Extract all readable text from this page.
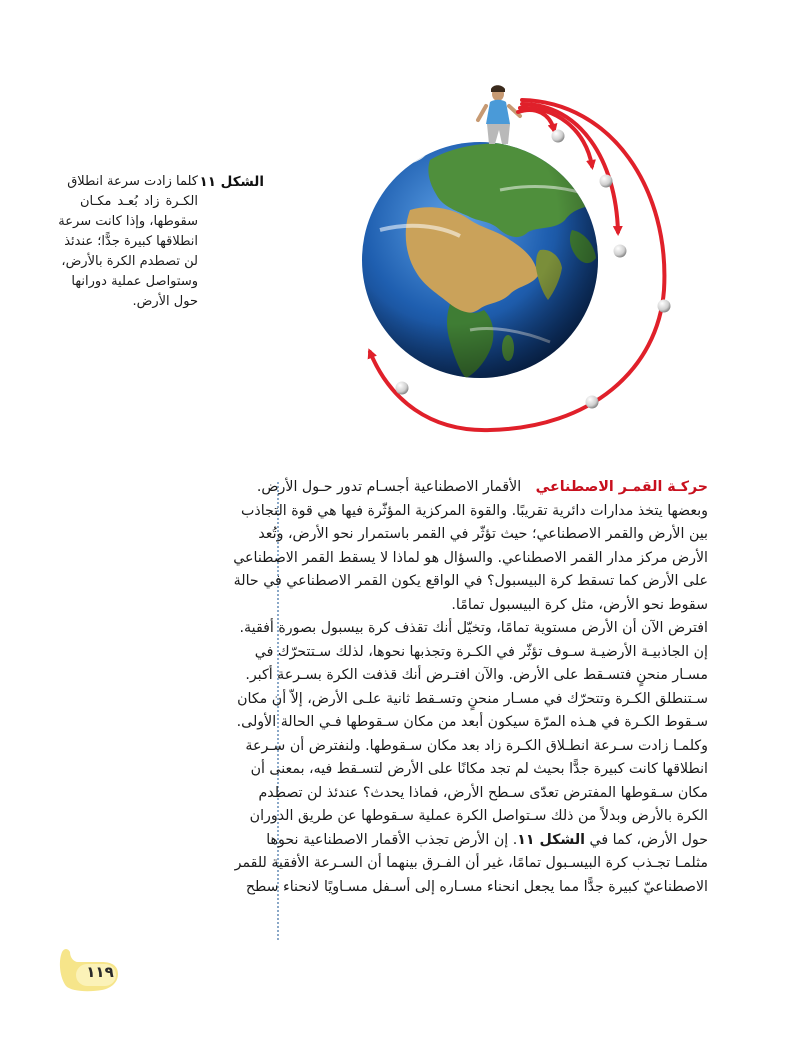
الشكل ١١
كلما زادت سرعة انطلاق
الكـرة زاد بُعـد مكـان
سقوطها، وإذا كانت سرعة
انطلاقها كبيرة جدًّا؛ عندئذ
لن تصطدم الكرة بالأرض،
وستواصل عملية دورانها
حول الأرض.
حركـة القمـر الاصطناعي الأقمار الاصطناعية أجسـام تدور حـول الأرض.
وبعضها يتخذ مدارات دائرية تقريبًا. والقوة المركزية المؤثّرة فيها هي قوة التجاذب
بين الأرض والقمر الاصطناعي؛ حيث تؤثّر في القمر باستمرار نحو الأرض، وتُعد
الأرض مركز مدار القمر الاصطناعي. والسؤال هو لماذا لا يسقط القمر الاصطناعي
على الأرض كما تسقط كرة البيسبول؟ في الواقع يكون القمر الاصطناعي في حالة
سقوط نحو الأرض، مثل كرة البيسبول تمامًا.
افترض الآن أن الأرض مستوية تمامًا، وتخيّل أنك تقذف كرة بيسبول بصورة أفقية.
إن الجاذبيـة الأرضيـة سـوف تؤثّر في الكـرة وتجذبها نحوها، لذلك سـتتحرّك في
مسـار منحنٍ فتسـقط على الأرض. والآن افتـرض أنك قذفت الكرة بسـرعة أكبر.
سـتنطلق الكـرة وتتحرّك في مسـار منحنٍ وتسـقط ثانية علـى الأرض، إلاّ أن مكان
سـقوط الكـرة في هـذه المرّة سيكون أبعد من مكان سـقوطها فـي الحالة الأولى.
وكلمـا زادت سـرعة انطـلاق الكـرة زاد بعد مكان سـقوطها. ولنفترض أن سـرعة
انطلاقها كانت كبيرة جدًّا بحيث لم تجد مكانًا على الأرض لتسـقط فيه، بمعنى أن
مكان سـقوطها المفترض تعدّى سـطح الأرض، فماذا يحدث؟ عندئذ لن تصطدم
الكرة بالأرض وبدلاً من ذلك سـتواصل الكرة عملية سـقوطها عن طريق الدوران
حول الأرض، كما في الشكل ١١. إن الأرض تجذب الأقمار الاصطناعية نحوها
مثلمـا تجـذب كرة البيسـبول تمامًا، غير أن الفـرق بينهما أن السـرعة الأفقية للقمر
الاصطناعيّ كبيرة جدًّا مما يجعل انحناء مسـاره إلى أسـفل مسـاويًا لانحناء سطح
١١٩
